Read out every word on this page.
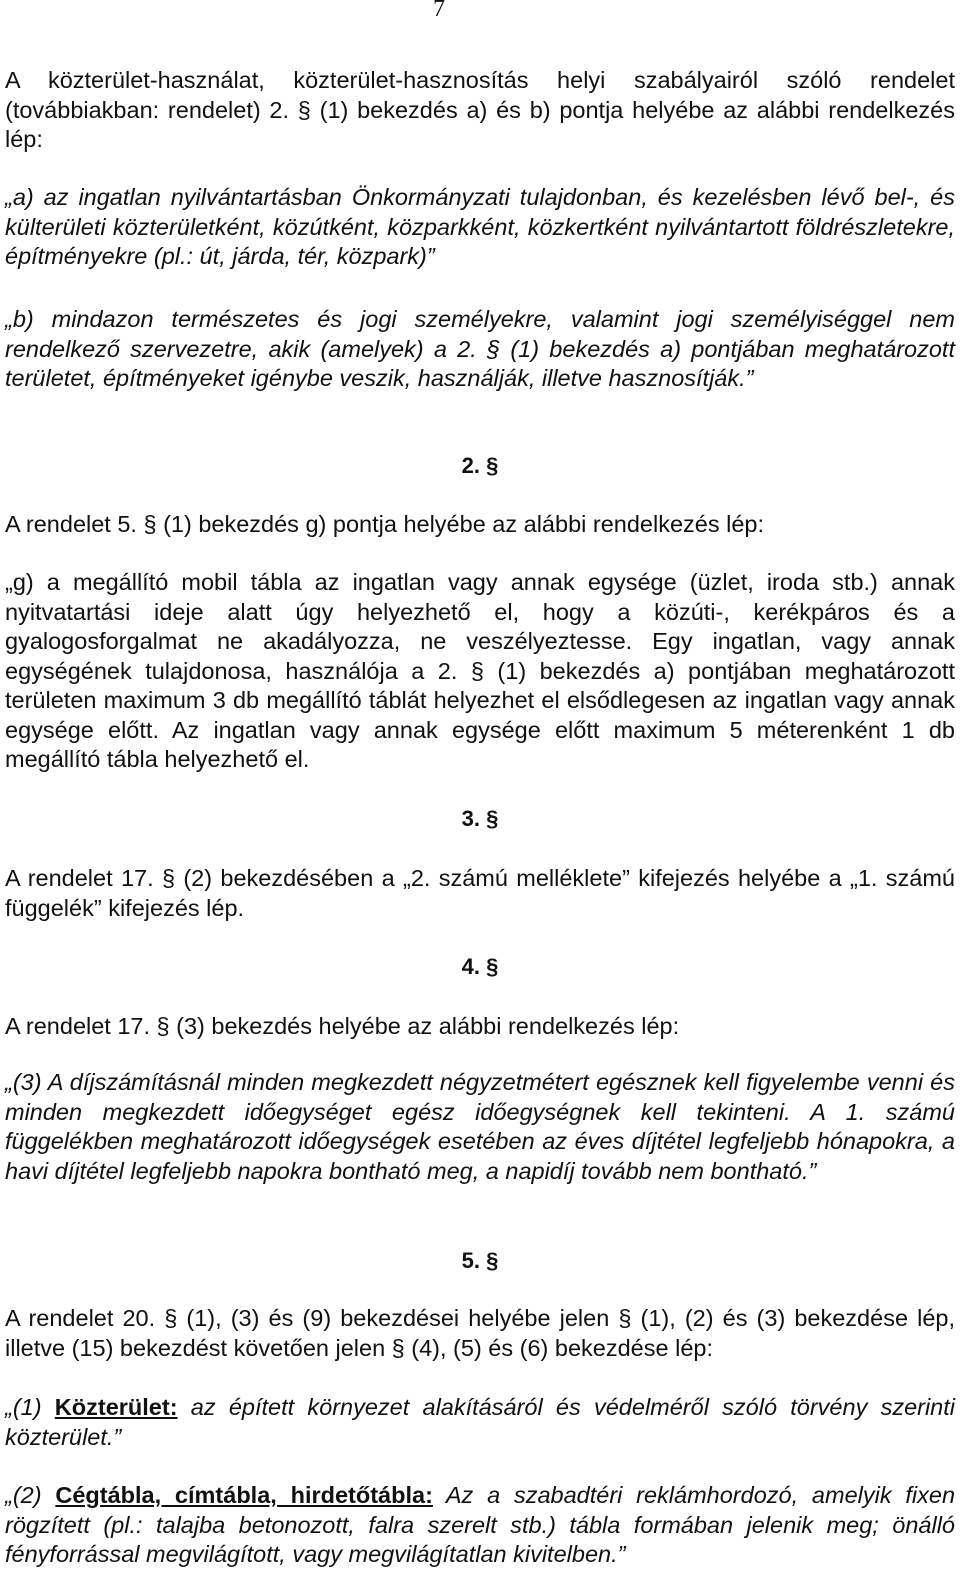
7

A közterület-használat, közterület-hasznosítás helyi szabályairól szóló rendelet (továbbiakban: rendelet) 2. § (1) bekezdés a) és b) pontja helyébe az alábbi rendelkezés lép:

„a) az ingatlan nyilvántartásban Önkormányzati tulajdonban, és kezelésben lévő bel-, és külterületi közterületként, közútként, közparkként, közkertként nyilvántartott földrészletekre, építményekre (pl.: út, járda, tér, közpark)”

„b) mindazon természetes és jogi személyekre, valamint jogi személyiséggel nem rendelkező szervezetre, akik (amelyek) a 2. § (1) bekezdés a) pontjában meghatározott területet, építményeket igénybe veszik, használják, illetve hasznosítják.”

2. §

A rendelet 5. § (1) bekezdés g) pontja helyébe az alábbi rendelkezés lép:

„g) a megállító mobil tábla az ingatlan vagy annak egysége (üzlet, iroda stb.) annak nyitvatartási ideje alatt úgy helyezhető el, hogy a közúti-, kerékpáros és a gyalogosforgalmat ne akadályozza, ne veszélyeztesse. Egy ingatlan, vagy annak egységének tulajdonosa, használója a 2. § (1) bekezdés a) pontjában meghatározott területen maximum 3 db megállító táblát helyezhet el elsődlegesen az ingatlan vagy annak egysége előtt. Az ingatlan vagy annak egysége előtt maximum 5 méterenként 1 db megállító tábla helyezhető el.

3. §

A rendelet 17. § (2) bekezdésében a „2. számú melléklete” kifejezés helyébe a „1. számú függelék” kifejezés lép.

4. §

A rendelet 17. § (3) bekezdés helyébe az alábbi rendelkezés lép:

„(3) A díjszámításnál minden megkezdett négyzetmétert egésznek kell figyelembe venni és minden megkezdett időegységet egész időegységnek kell tekinteni. A 1. számú függelékben meghatározott időegységek esetében az éves díjtétel legfeljebb hónapokra, a havi díjtétel legfeljebb napokra bontható meg, a napidíj tovább nem bontható.”

5. §

A rendelet 20. § (1), (3) és (9) bekezdései helyébe jelen § (1), (2) és (3) bekezdése lép, illetve (15) bekezdést követően jelen § (4), (5) és (6) bekezdése lép:

„(1) Közterület: az épített környezet alakításáról és védelméről szóló törvény szerinti közterület.”

„(2) Cégtábla, címtábla, hirdetőtábla: Az a szabadtéri reklámhordozó, amelyik fixen rögzített (pl.: talajba betonozott, falra szerelt stb.) tábla formában jelenik meg; önálló fényforrással megvilágított, vagy megvilágítatlan kivitelben.”
